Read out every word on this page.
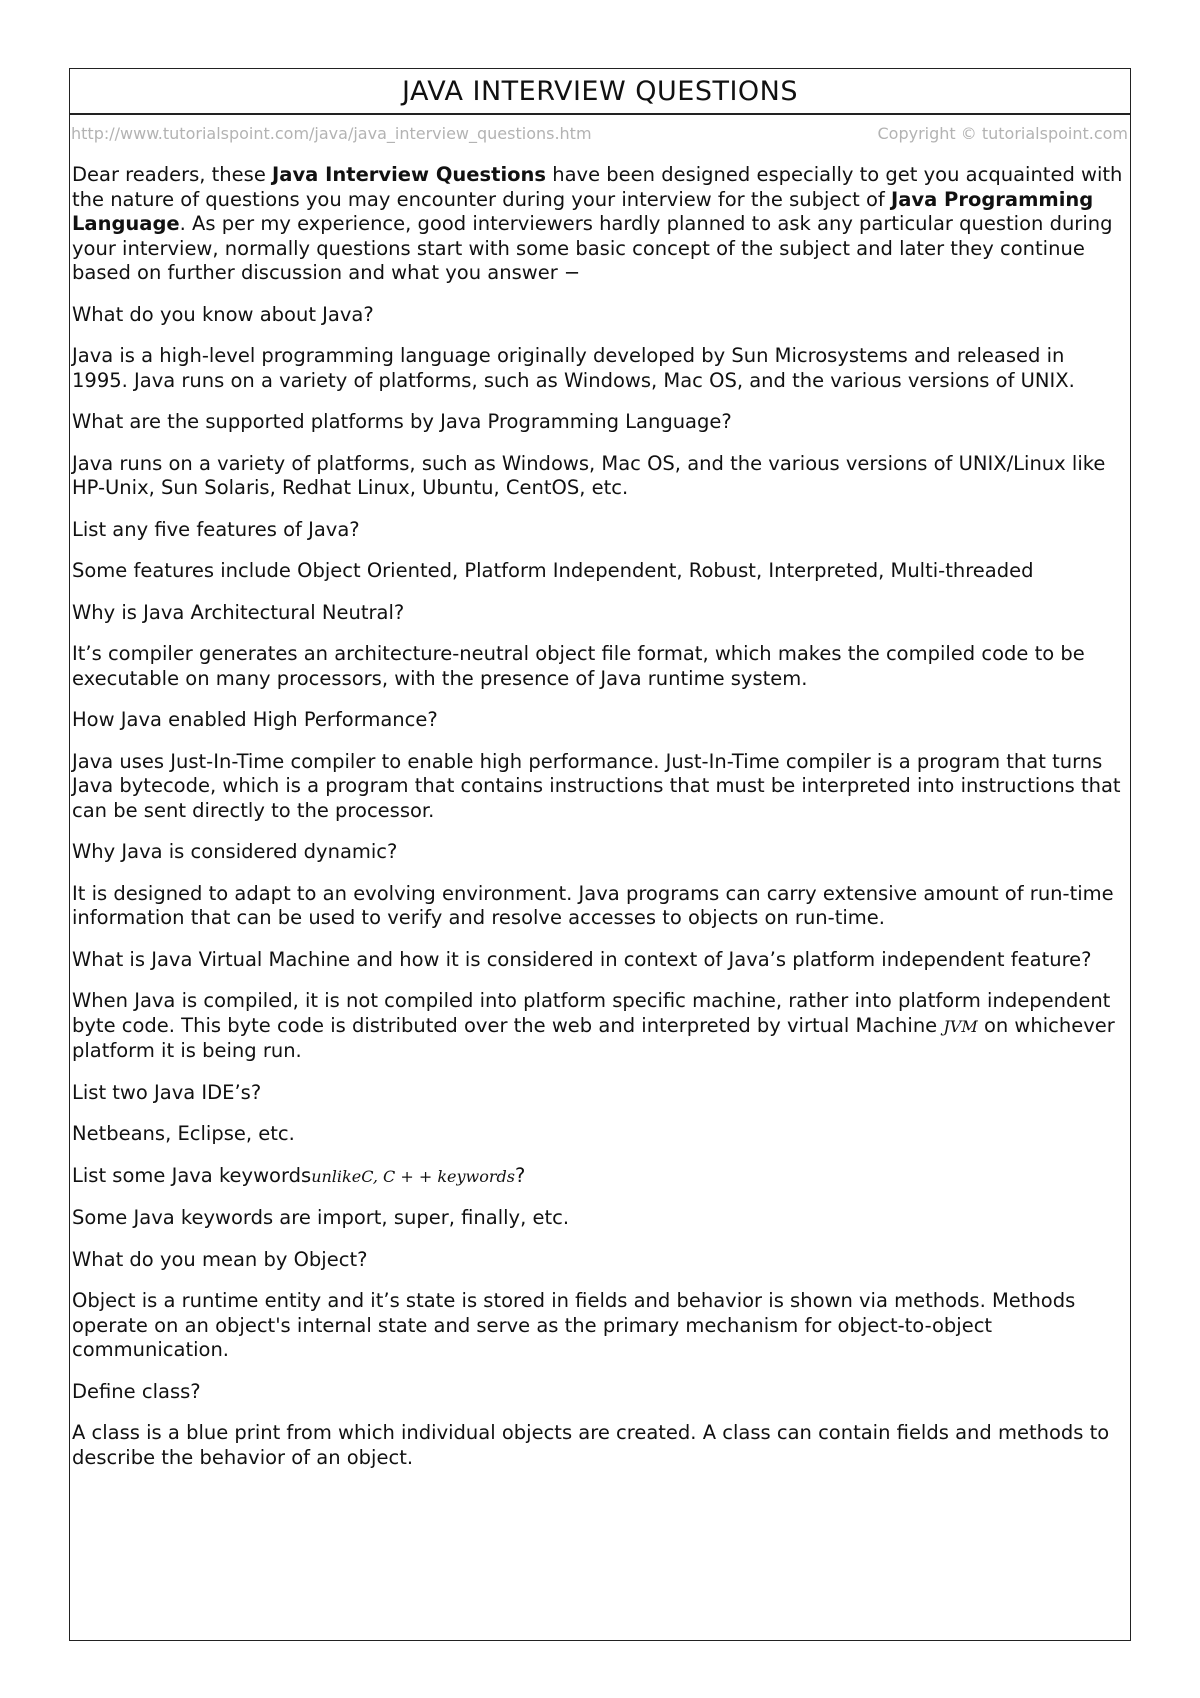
JAVA INTERVIEW QUESTIONS
http://www.tutorialspoint.com/java/java_interview_questions.htm	Copyright © tutorialspoint.com

Dear readers, these Java Interview Questions have been designed especially to get you acquainted with the nature of questions you may encounter during your interview for the subject of Java Programming Language. As per my experience, good interviewers hardly planned to ask any particular question during your interview, normally questions start with some basic concept of the subject and later they continue based on further discussion and what you answer −

What do you know about Java?

Java is a high-level programming language originally developed by Sun Microsystems and released in 1995. Java runs on a variety of platforms, such as Windows, Mac OS, and the various versions of UNIX.

What are the supported platforms by Java Programming Language?

Java runs on a variety of platforms, such as Windows, Mac OS, and the various versions of UNIX/Linux like HP-Unix, Sun Solaris, Redhat Linux, Ubuntu, CentOS, etc.

List any five features of Java?

Some features include Object Oriented, Platform Independent, Robust, Interpreted, Multi-threaded

Why is Java Architectural Neutral?

It’s compiler generates an architecture-neutral object file format, which makes the compiled code to be executable on many processors, with the presence of Java runtime system.

How Java enabled High Performance?

Java uses Just-In-Time compiler to enable high performance. Just-In-Time compiler is a program that turns Java bytecode, which is a program that contains instructions that must be interpreted into instructions that can be sent directly to the processor.

Why Java is considered dynamic?

It is designed to adapt to an evolving environment. Java programs can carry extensive amount of run-time information that can be used to verify and resolve accesses to objects on run-time.

What is Java Virtual Machine and how it is considered in context of Java’s platform independent feature?

When Java is compiled, it is not compiled into platform specific machine, rather into platform independent byte code. This byte code is distributed over the web and interpreted by virtual Machine JVM on whichever platform it is being run.

List two Java IDE’s?

Netbeans, Eclipse, etc.

List some Java keywordsunlikeC, C + + keywords?

Some Java keywords are import, super, finally, etc.

What do you mean by Object?

Object is a runtime entity and it’s state is stored in fields and behavior is shown via methods. Methods operate on an object's internal state and serve as the primary mechanism for object-to-object communication.

Define class?

A class is a blue print from which individual objects are created. A class can contain fields and methods to describe the behavior of an object.
